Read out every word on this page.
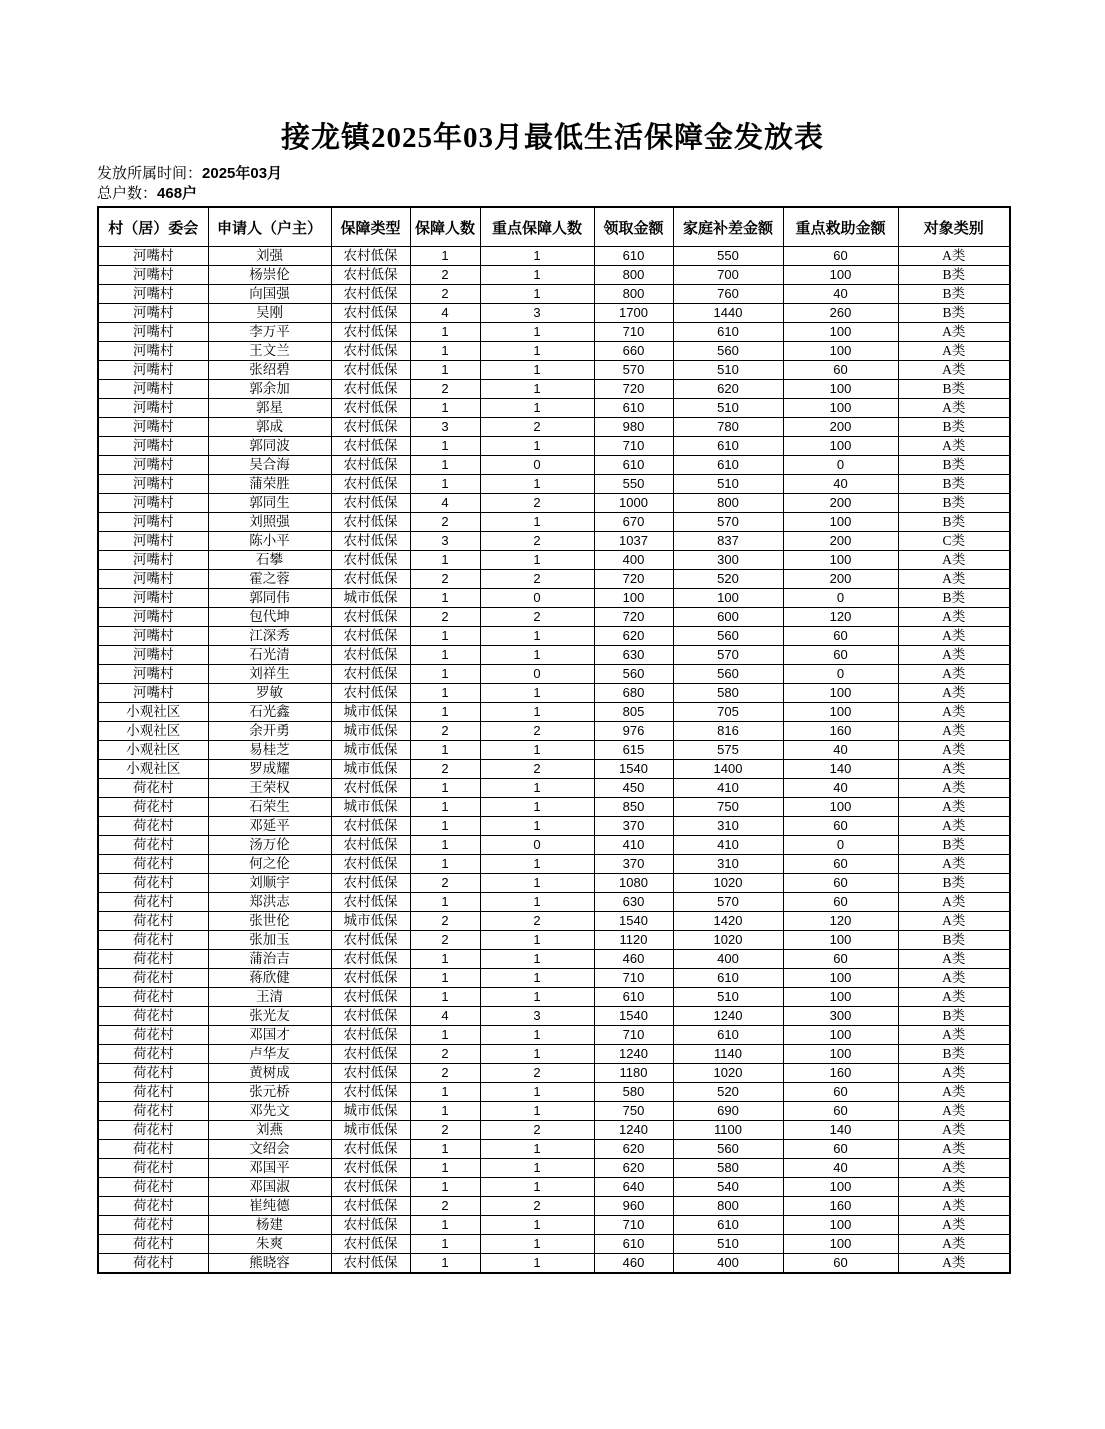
接龙镇2025年03月最低生活保障金发放表
发放所属时间：2025年03月
总户数：468户
村（居）委会	申请人（户主）	保障类型	保障人数	重点保障人数	领取金额	家庭补差金额	重点救助金额	对象类别
河嘴村	刘强	农村低保	1	1	610	550	60	A类
河嘴村	杨崇伦	农村低保	2	1	800	700	100	B类
河嘴村	向国强	农村低保	2	1	800	760	40	B类
河嘴村	吴刚	农村低保	4	3	1700	1440	260	B类
河嘴村	李万平	农村低保	1	1	710	610	100	A类
河嘴村	王文兰	农村低保	1	1	660	560	100	A类
河嘴村	张绍碧	农村低保	1	1	570	510	60	A类
河嘴村	郭余加	农村低保	2	1	720	620	100	B类
河嘴村	郭星	农村低保	1	1	610	510	100	A类
河嘴村	郭成	农村低保	3	2	980	780	200	B类
河嘴村	郭同波	农村低保	1	1	710	610	100	A类
河嘴村	吴合海	农村低保	1	0	610	610	0	B类
河嘴村	蒲荣胜	农村低保	1	1	550	510	40	B类
河嘴村	郭同生	农村低保	4	2	1000	800	200	B类
河嘴村	刘照强	农村低保	2	1	670	570	100	B类
河嘴村	陈小平	农村低保	3	2	1037	837	200	C类
河嘴村	石攀	农村低保	1	1	400	300	100	A类
河嘴村	霍之蓉	农村低保	2	2	720	520	200	A类
河嘴村	郭同伟	城市低保	1	0	100	100	0	B类
河嘴村	包代坤	农村低保	2	2	720	600	120	A类
河嘴村	江深秀	农村低保	1	1	620	560	60	A类
河嘴村	石光清	农村低保	1	1	630	570	60	A类
河嘴村	刘祥生	农村低保	1	0	560	560	0	A类
河嘴村	罗敏	农村低保	1	1	680	580	100	A类
小观社区	石光鑫	城市低保	1	1	805	705	100	A类
小观社区	余开勇	城市低保	2	2	976	816	160	A类
小观社区	易桂芝	城市低保	1	1	615	575	40	A类
小观社区	罗成耀	城市低保	2	2	1540	1400	140	A类
荷花村	王荣权	农村低保	1	1	450	410	40	A类
荷花村	石荣生	城市低保	1	1	850	750	100	A类
荷花村	邓延平	农村低保	1	1	370	310	60	A类
荷花村	汤万伦	农村低保	1	0	410	410	0	B类
荷花村	何之伦	农村低保	1	1	370	310	60	A类
荷花村	刘顺宇	农村低保	2	1	1080	1020	60	B类
荷花村	郑洪志	农村低保	1	1	630	570	60	A类
荷花村	张世伦	城市低保	2	2	1540	1420	120	A类
荷花村	张加玉	农村低保	2	1	1120	1020	100	B类
荷花村	蒲治吉	农村低保	1	1	460	400	60	A类
荷花村	蒋欣健	农村低保	1	1	710	610	100	A类
荷花村	王清	农村低保	1	1	610	510	100	A类
荷花村	张光友	农村低保	4	3	1540	1240	300	B类
荷花村	邓国才	农村低保	1	1	710	610	100	A类
荷花村	卢华友	农村低保	2	1	1240	1140	100	B类
荷花村	黄树成	农村低保	2	2	1180	1020	160	A类
荷花村	张元桥	农村低保	1	1	580	520	60	A类
荷花村	邓先文	城市低保	1	1	750	690	60	A类
荷花村	刘燕	城市低保	2	2	1240	1100	140	A类
荷花村	文绍会	农村低保	1	1	620	560	60	A类
荷花村	邓国平	农村低保	1	1	620	580	40	A类
荷花村	邓国淑	农村低保	1	1	640	540	100	A类
荷花村	崔纯德	农村低保	2	2	960	800	160	A类
荷花村	杨建	农村低保	1	1	710	610	100	A类
荷花村	朱爽	农村低保	1	1	610	510	100	A类
荷花村	熊晓容	农村低保	1	1	460	400	60	A类
